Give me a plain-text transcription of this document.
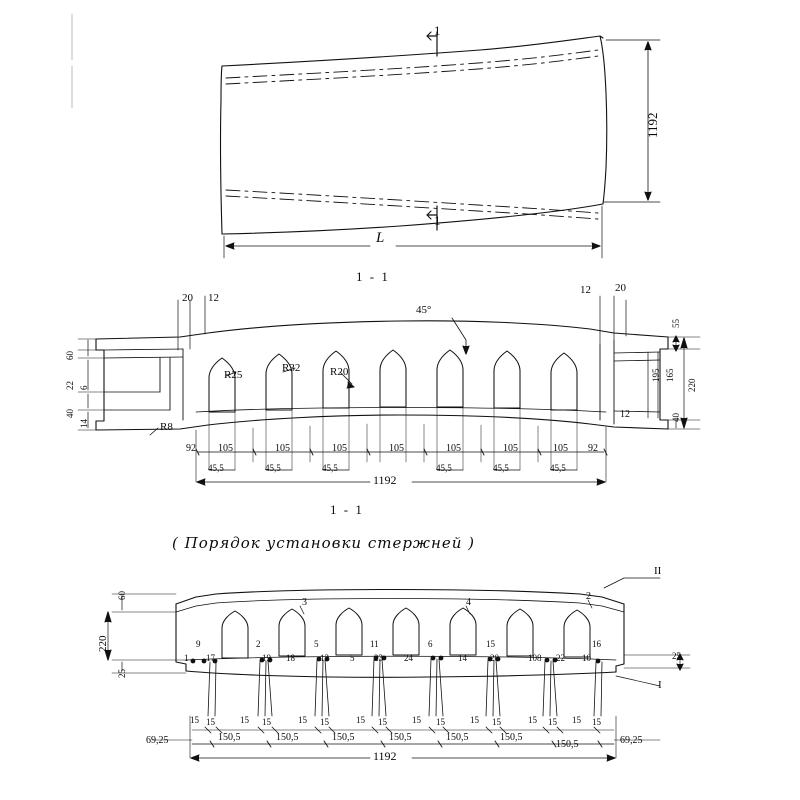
1
1
1192
L
1 - 1
20 12
12 20
45°
R25
R32	R20
R8
60
22 6
40
14
55
195 165
220
40
12
92 105	105	105	105	105	105	105 92
45,5	45,5	45,5	45,5	45,5	45,5
1192
1 - 1
( Порядок установки стержней )
60
220
25
25
3	4
2
9	2
17
5
19 18
11
13 5 23 24
6
14
15
20	108 22 10
16
1
II
I
15 15	15 15	15 15	15 15	15 15	15 15	15 15 15 15
69,25	150,5	150,5	150,5	150,5	150,5	150,5
150,5	69,25
1192
